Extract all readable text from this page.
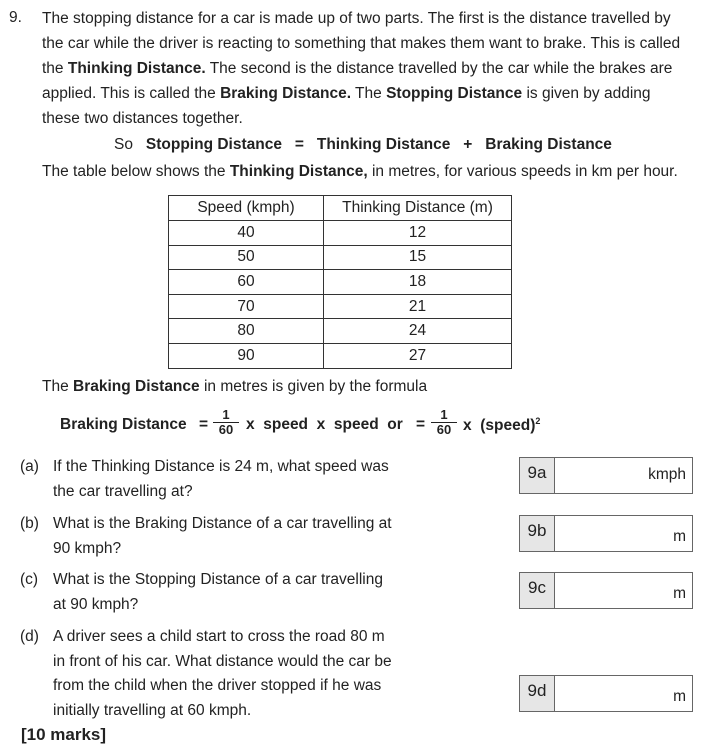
9. The stopping distance for a car is made up of two parts. The first is the distance travelled by
the car while the driver is reacting to something that makes them want to brake. This is called
the Thinking Distance. The second is the distance travelled by the car while the brakes are
applied. This is called the Braking Distance. The Stopping Distance is given by adding
these two distances together.
So Stopping Distance = Thinking Distance + Braking Distance
The table below shows the Thinking Distance, in metres, for various speeds in km per hour.
Speed (kmph)	Thinking Distance (m)
40	12
50	15
60	18
70	21
80	24
90	27
The Braking Distance in metres is given by the formula
Braking Distance = $\frac{1}{60}$ x  speed  x  speed  or = $\frac{1}{60}$ x  (speed)$^2$
(a) If the Thinking Distance is 24 m, what speed was
the car travelling at?
9a	kmph
(b) What is the Braking Distance of a car travelling at
90 kmph?
9b	m
(c) What is the Stopping Distance of a car travelling
at 90 kmph?
9c	m
(d) A driver sees a child start to cross the road 80 m
in front of his car. What distance would the car be
from the child when the driver stopped if he was
initially travelling at 60 kmph.
9d	m
[10 marks]
